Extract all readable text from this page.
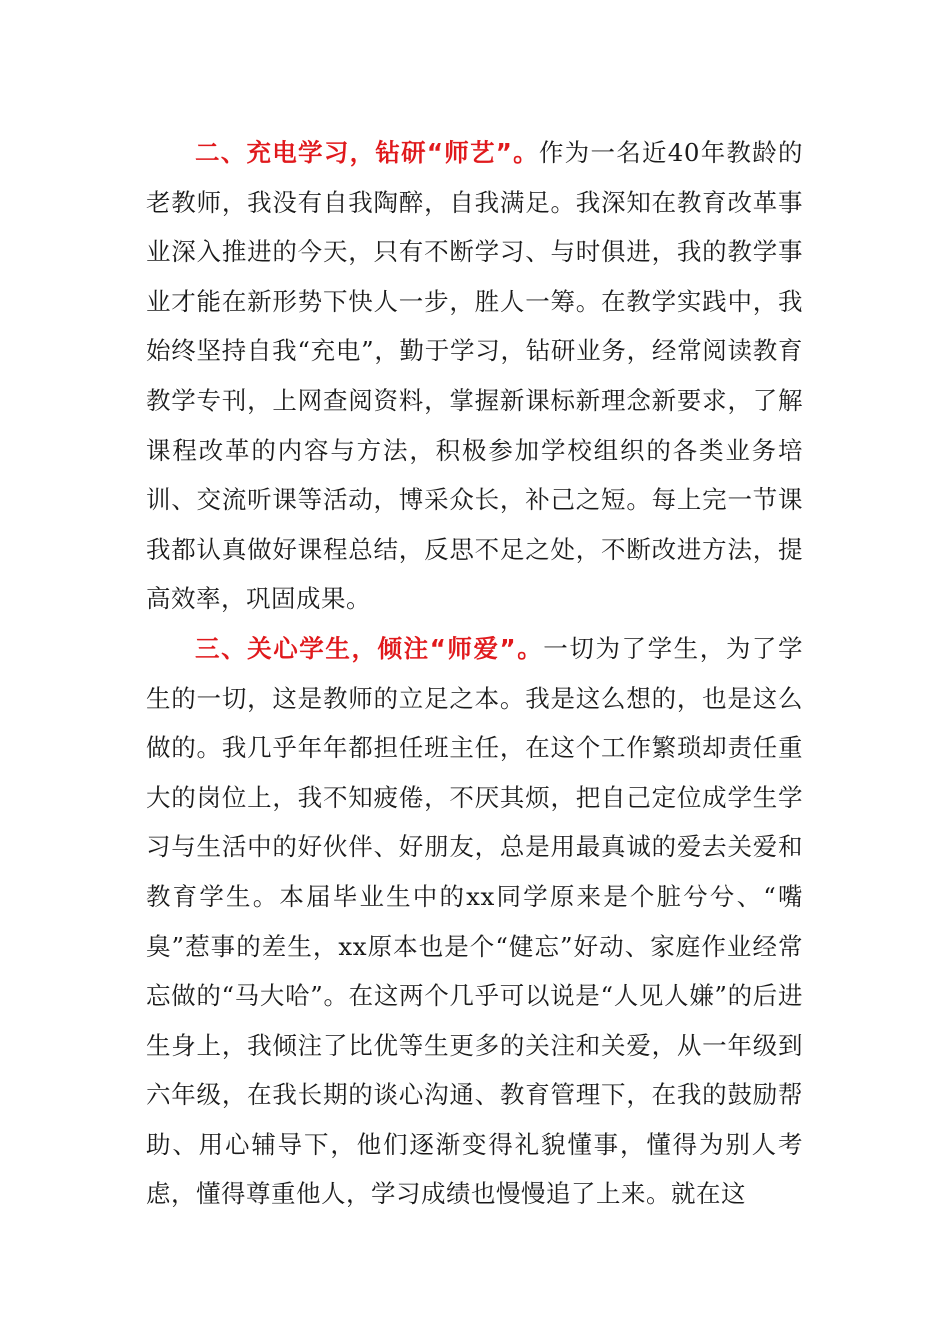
二、充电学习，钻研“师艺”。作为一名近40年教龄的老教师，我没有自我陶醉，自我满足。我深知在教育改革事业深入推进的今天，只有不断学习、与时俱进，我的教学事业才能在新形势下快人一步，胜人一筹。在教学实践中，我始终坚持自我“充电”，勤于学习，钻研业务，经常阅读教育教学专刊，上网查阅资料，掌握新课标新理念新要求，了解课程改革的内容与方法，积极参加学校组织的各类业务培训、交流听课等活动，博采众长，补己之短。每上完一节课我都认真做好课程总结，反思不足之处，不断改进方法，提高效率，巩固成果。

三、关心学生，倾注“师爱”。一切为了学生，为了学生的一切，这是教师的立足之本。我是这么想的，也是这么做的。我几乎年年都担任班主任，在这个工作繁琐却责任重大的岗位上，我不知疲倦，不厌其烦，把自己定位成学生学习与生活中的好伙伴、好朋友，总是用最真诚的爱去关爱和教育学生。本届毕业生中的xx同学原来是个脏兮兮、“嘴臭”惹事的差生，xx原本也是个“健忘”好动、家庭作业经常忘做的“马大哈”。在这两个几乎可以说是“人见人嫌”的后进生身上，我倾注了比优等生更多的关注和关爱，从一年级到六年级，在我长期的谈心沟通、教育管理下，在我的鼓励帮助、用心辅导下，他们逐渐变得礼貌懂事，懂得为别人考虑，懂得尊重他人，学习成绩也慢慢追了上来。就在这
